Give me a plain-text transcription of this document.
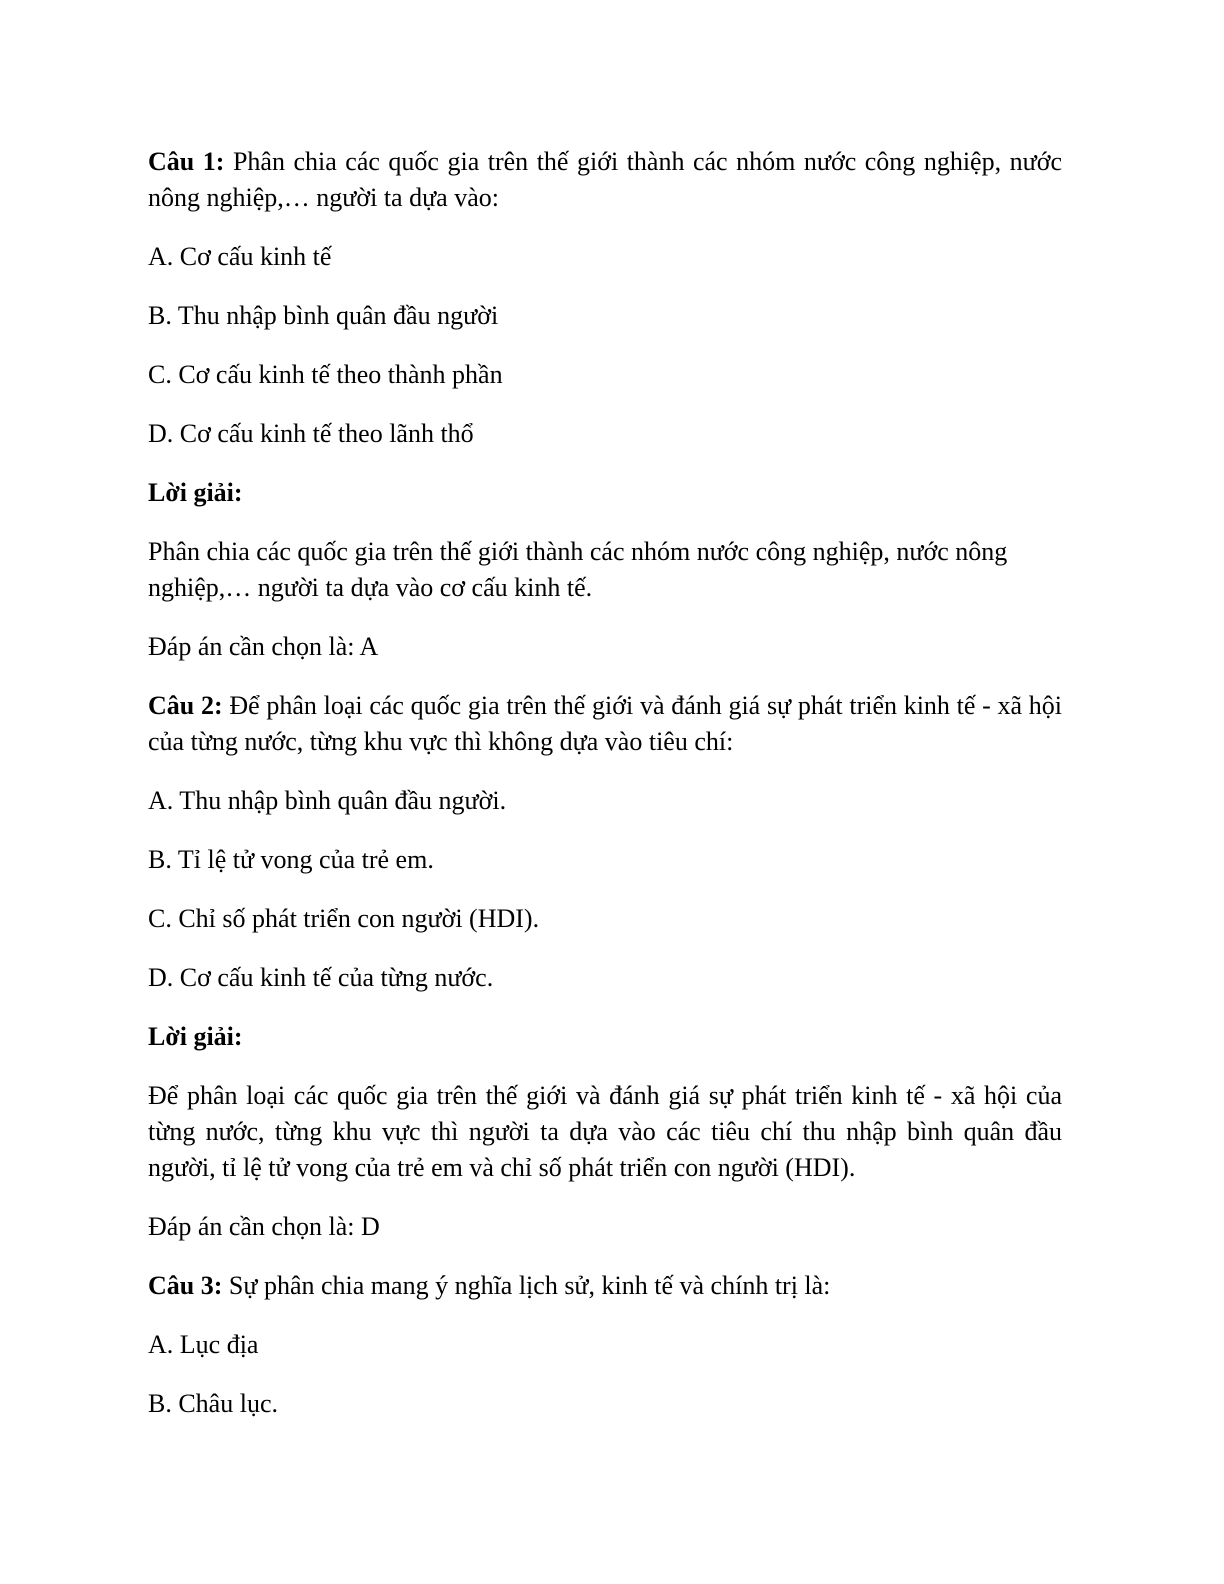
Câu 1: Phân chia các quốc gia trên thế giới thành các nhóm nước công nghiệp, nước nông nghiệp,… người ta dựa vào:

A. Cơ cấu kinh tế

B. Thu nhập bình quân đầu người

C. Cơ cấu kinh tế theo thành phần

D. Cơ cấu kinh tế theo lãnh thổ

Lời giải:

Phân chia các quốc gia trên thế giới thành các nhóm nước công nghiệp, nước nông nghiệp,… người ta dựa vào cơ cấu kinh tế.

Đáp án cần chọn là: A

Câu 2: Để phân loại các quốc gia trên thế giới và đánh giá sự phát triển kinh tế - xã hội của từng nước, từng khu vực thì không dựa vào tiêu chí:

A. Thu nhập bình quân đầu người.

B. Tỉ lệ tử vong của trẻ em.

C. Chỉ số phát triển con người (HDI).

D. Cơ cấu kinh tế của từng nước.

Lời giải:

Để phân loại các quốc gia trên thế giới và đánh giá sự phát triển kinh tế - xã hội của từng nước, từng khu vực thì người ta dựa vào các tiêu chí thu nhập bình quân đầu người, tỉ lệ tử vong của trẻ em và chỉ số phát triển con người (HDI).

Đáp án cần chọn là: D

Câu 3: Sự phân chia mang ý nghĩa lịch sử, kinh tế và chính trị là:

A. Lục địa

B. Châu lục.
